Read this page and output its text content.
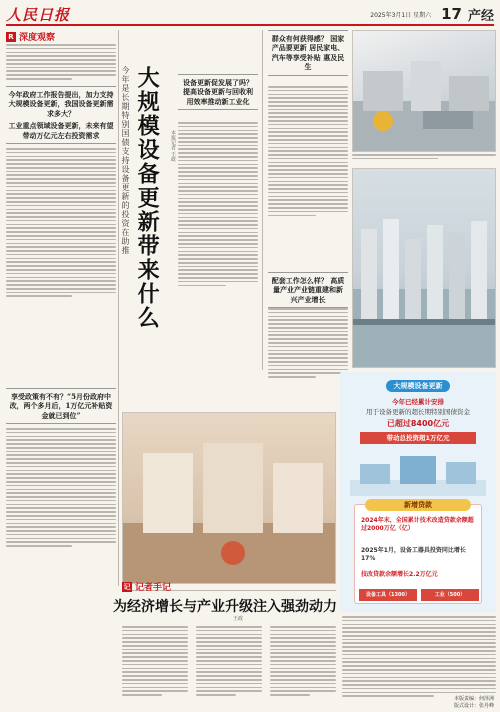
人民日报	2025年3月1日 星期六 17 产经
R 深度观察
今年政府工作报告提出，加力支持大规模设备更新，我国设备更新需求多大？
工业重点领域设备更新，未来有望带动万亿元左右投资需求
享受政策有不有？“5月份政府中改，两个多月后，1万亿元补贴资金就已到位”
今年是长期特别国债支持设备更新的投资在助推 大规模设备更新带来什么 本报记者 王政
设备更新促发展了吗？提高设备更新与回收利用效率推动新工业化
群众有何获得感？ 国家产品要更新 居民家电、汽车等享受补贴 惠及民生
配套工作怎么样？ 高质量产业产业链重建和新兴产业增长
大规模设备更新
今年已经累计安排
用于设备更新的超长期特别国债资金
已超过8400亿元
带动总投资超1万亿元
新增贷款
2024年末，全国累计技术改造贷款余额超过2000万亿（亿）
2025年1月，设备工器具投资同比增长17%
技改贷款余额增长2.2万亿元
设备工具（1300）	工业（500）
记 记者手记
为经济增长与产业升级注入强劲动力
王政
本版责编：何泽洲
版式设计：张丹峰
